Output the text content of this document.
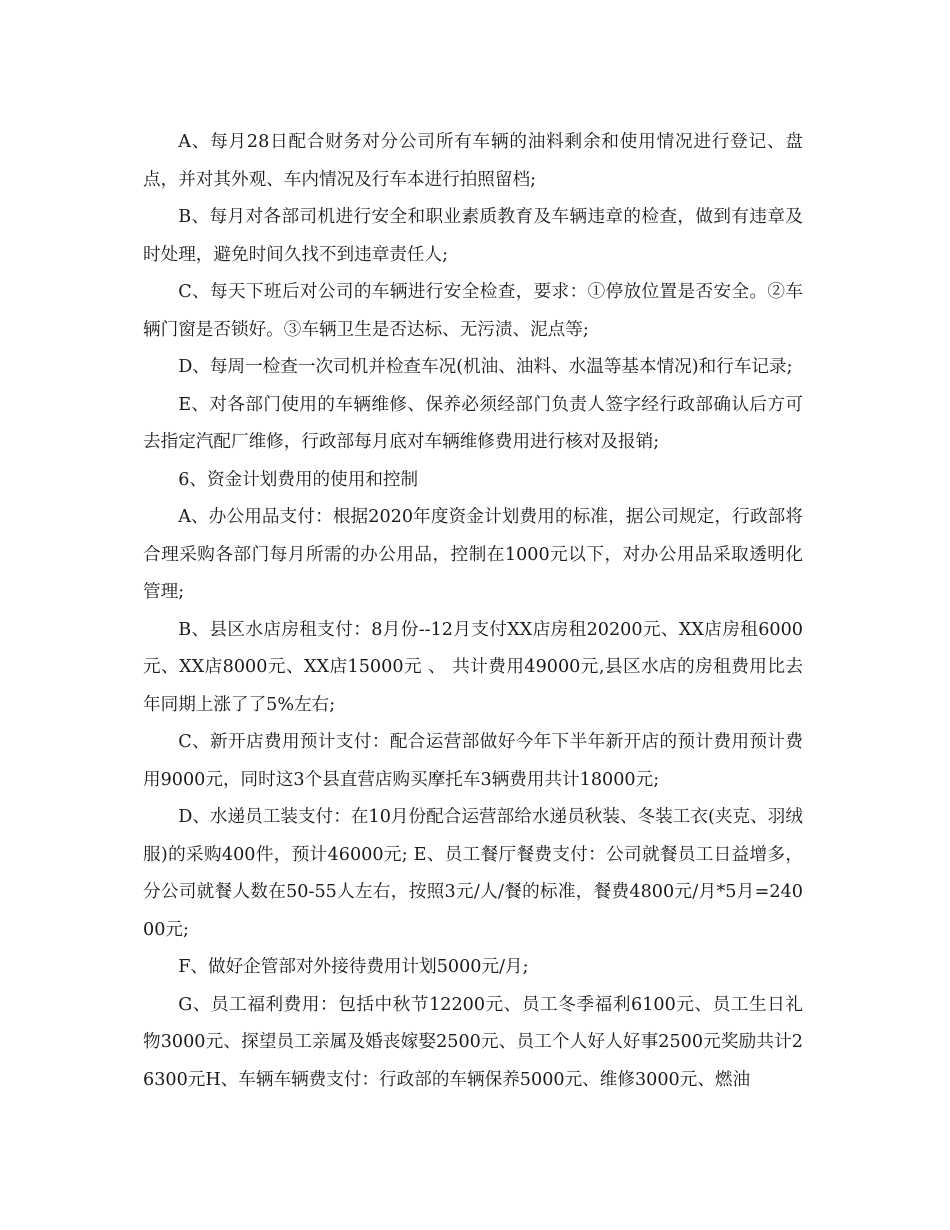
A、每月28日配合财务对分公司所有车辆的油料剩余和使用情况进行登记、盘点，并对其外观、车内情况及行车本进行拍照留档;

B、每月对各部司机进行安全和职业素质教育及车辆违章的检查，做到有违章及时处理，避免时间久找不到违章责任人;

C、每天下班后对公司的车辆进行安全检查，要求：①停放位置是否安全。②车辆门窗是否锁好。③车辆卫生是否达标、无污渍、泥点等;

D、每周一检查一次司机并检查车况(机油、油料、水温等基本情况)和行车记录;

E、对各部门使用的车辆维修、保养必须经部门负责人签字经行政部确认后方可去指定汽配厂维修，行政部每月底对车辆维修费用进行核对及报销;

6、资金计划费用的使用和控制

A、办公用品支付：根据2020年度资金计划费用的标准，据公司规定，行政部将合理采购各部门每月所需的办公用品，控制在1000元以下，对办公用品采取透明化管理;

B、县区水店房租支付：8月份--12月支付XX店房租20200元、XX店房租6000元、XX店8000元、XX店15000元 、 共计费用49000元,县区水店的房租费用比去年同期上涨了了5%左右;

C、新开店费用预计支付：配合运营部做好今年下半年新开店的预计费用预计费用9000元，同时这3个县直营店购买摩托车3辆费用共计18000元;

D、水递员工装支付：在10月份配合运营部给水递员秋装、冬装工衣(夹克、羽绒服)的采购400件，预计46000元; E、员工餐厅餐费支付：公司就餐员工日益增多，分公司就餐人数在50-55人左右，按照3元/人/餐的标准，餐费4800元/月*5月=24000元;

F、做好企管部对外接待费用计划5000元/月;

G、员工福利费用：包括中秋节12200元、员工冬季福利6100元、员工生日礼物3000元、探望员工亲属及婚丧嫁娶2500元、员工个人好人好事2500元奖励共计26300元H、车辆车辆费支付：行政部的车辆保养5000元、维修3000元、燃油
